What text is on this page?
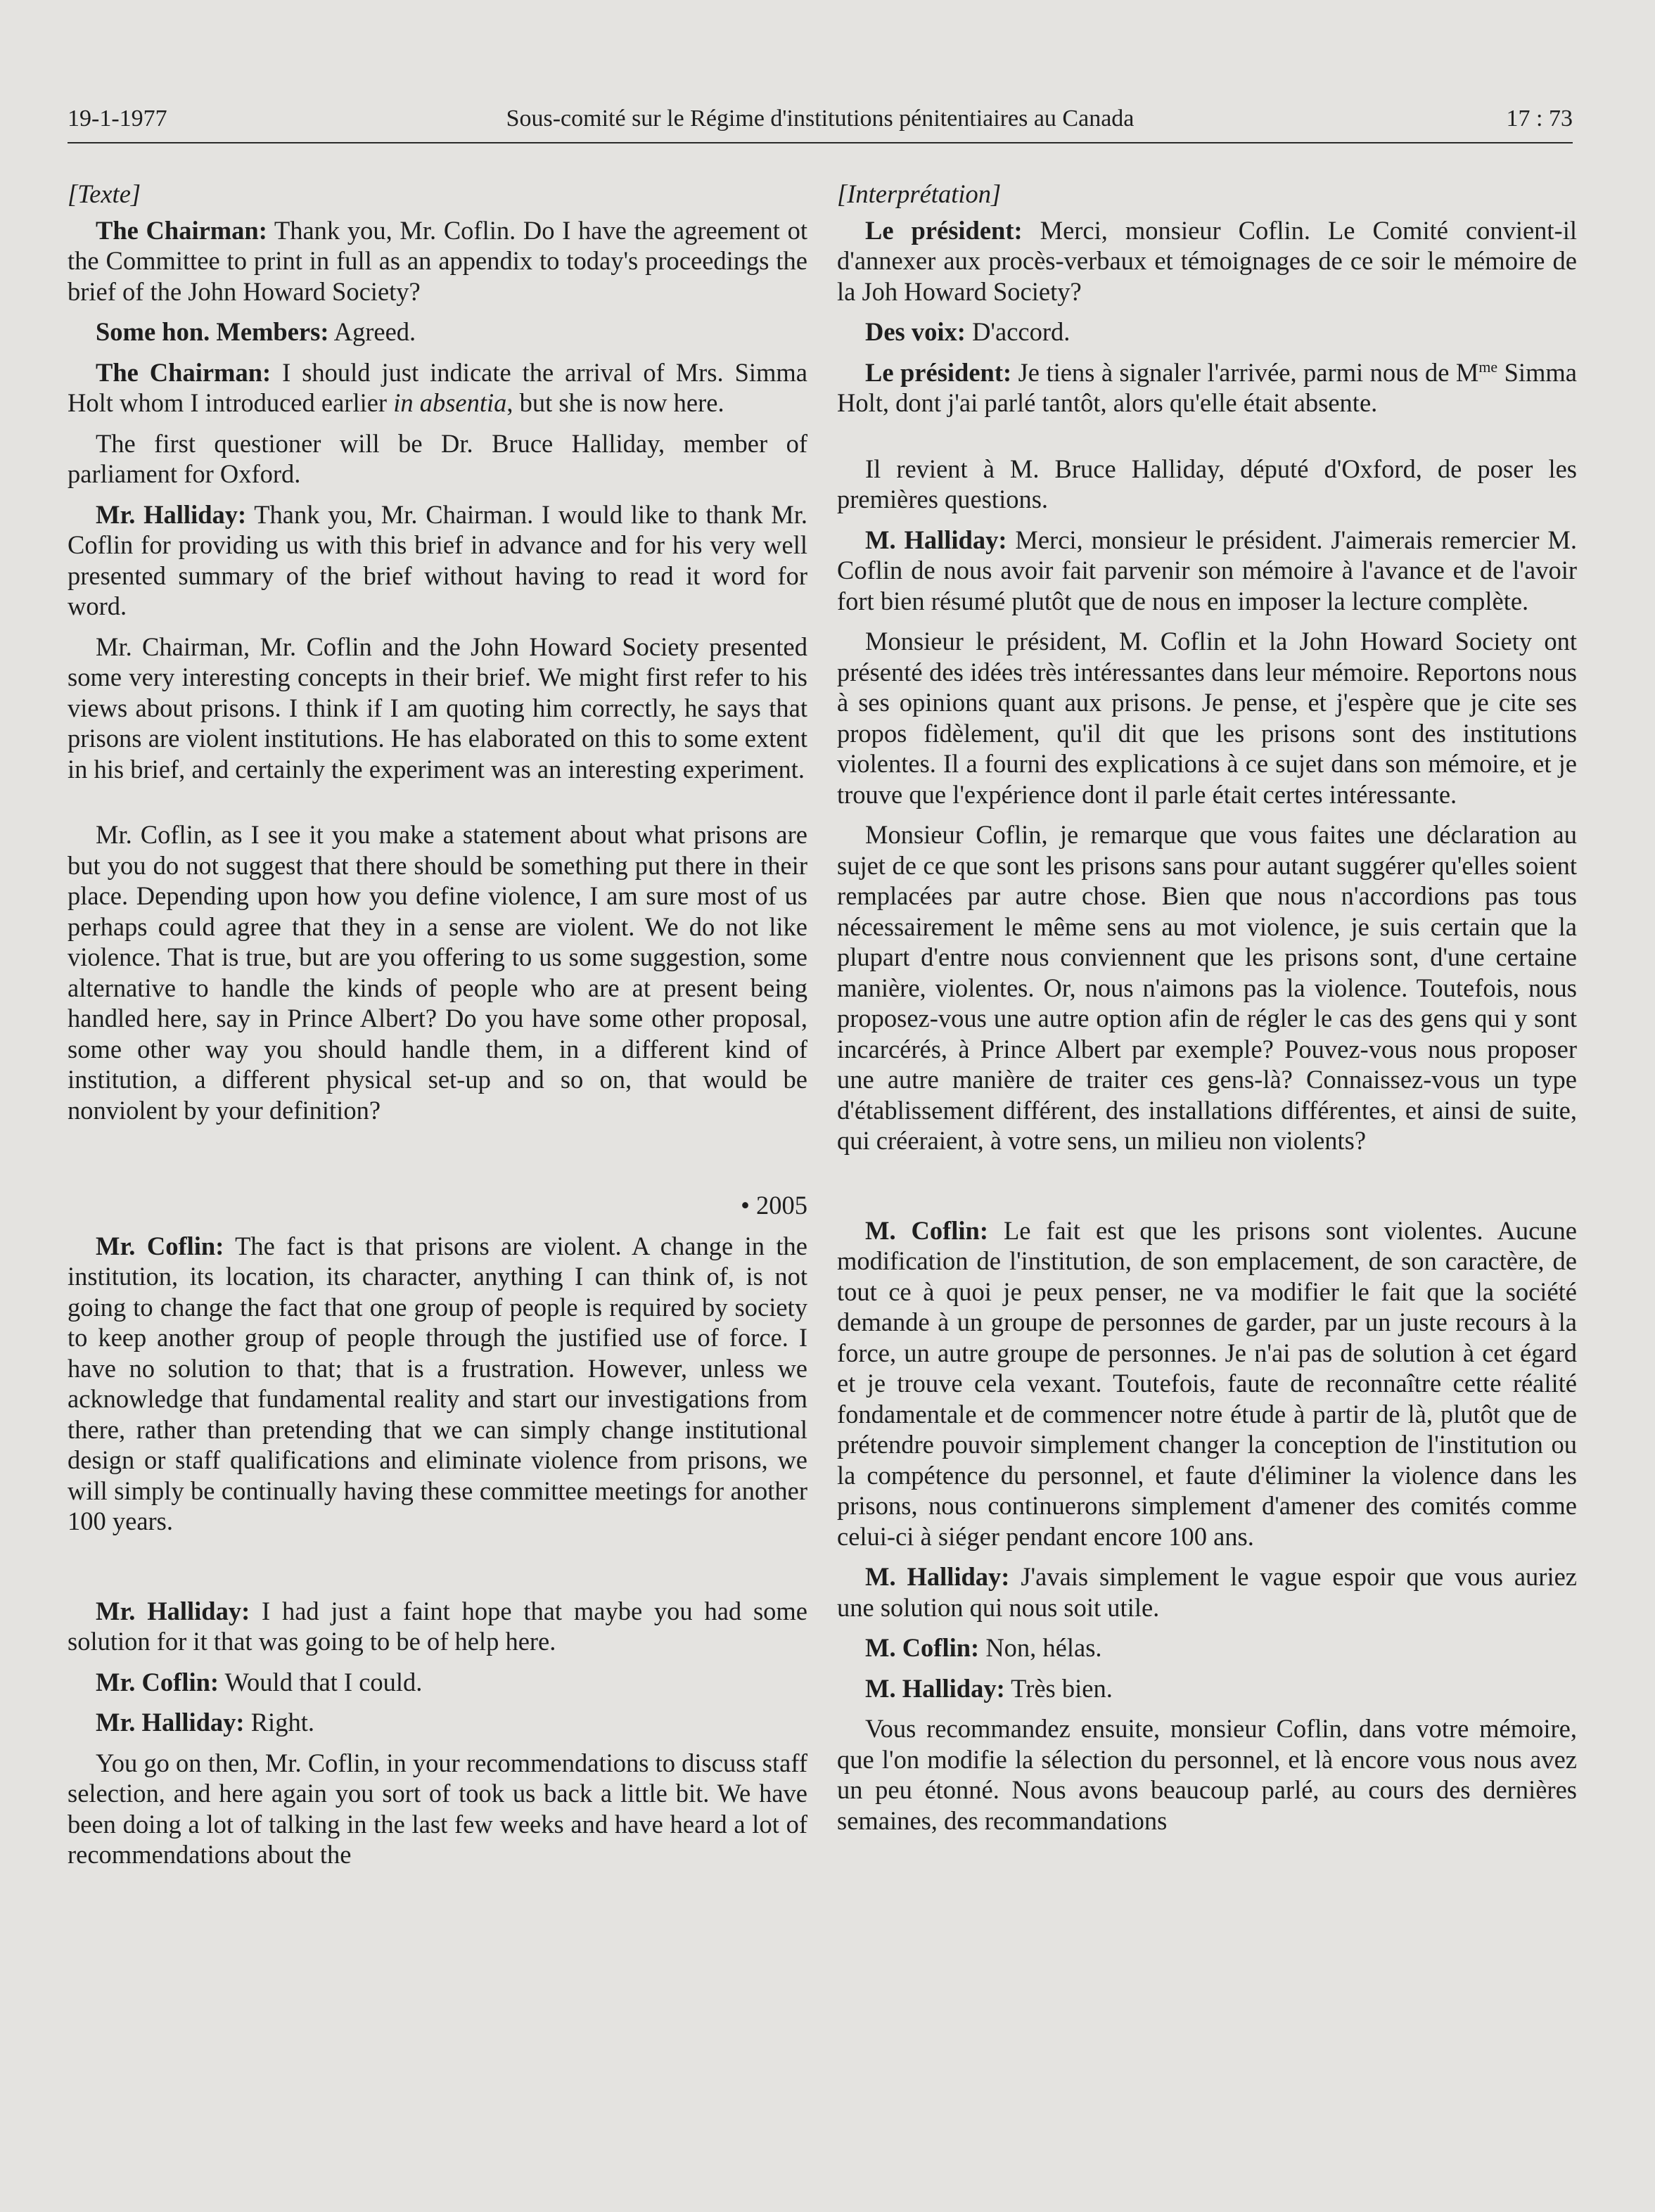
19-1-1977	Sous-comité sur le Régime d'institutions pénitentiaires au Canada	17 : 73

[Texte]

The Chairman: Thank you, Mr. Coflin. Do I have the agreement ot the Committee to print in full as an appendix to today's proceedings the brief of the John Howard Society?

Some hon. Members: Agreed.

The Chairman: I should just indicate the arrival of Mrs. Simma Holt whom I introduced earlier in absentia, but she is now here.

The first questioner will be Dr. Bruce Halliday, member of parliament for Oxford.

Mr. Halliday: Thank you, Mr. Chairman. I would like to thank Mr. Coflin for providing us with this brief in advance and for his very well presented summary of the brief without having to read it word for word.

Mr. Chairman, Mr. Coflin and the John Howard Society presented some very interesting concepts in their brief. We might first refer to his views about prisons. I think if I am quoting him correctly, he says that prisons are violent institutions. He has elaborated on this to some extent in his brief, and certainly the experiment was an interesting experiment.

Mr. Coflin, as I see it you make a statement about what prisons are but you do not suggest that there should be something put there in their place. Depending upon how you define violence, I am sure most of us perhaps could agree that they in a sense are violent. We do not like violence. That is true, but are you offering to us some suggestion, some alternative to handle the kinds of people who are at present being handled here, say in Prince Albert? Do you have some other proposal, some other way you should handle them, in a different kind of institution, a different physical set-up and so on, that would be nonviolent by your definition?

• 2005

Mr. Coflin: The fact is that prisons are violent. A change in the institution, its location, its character, anything I can think of, is not going to change the fact that one group of people is required by society to keep another group of people through the justified use of force. I have no solution to that; that is a frustration. However, unless we acknowledge that fundamental reality and start our investigations from there, rather than pretending that we can simply change institutional design or staff qualifications and eliminate violence from prisons, we will simply be continually having these committee meetings for another 100 years.

Mr. Halliday: I had just a faint hope that maybe you had some solution for it that was going to be of help here.

Mr. Coflin: Would that I could.

Mr. Halliday: Right.

You go on then, Mr. Coflin, in your recommendations to discuss staff selection, and here again you sort of took us back a little bit. We have been doing a lot of talking in the last few weeks and have heard a lot of recommendations about the

[Interprétation]

Le président: Merci, monsieur Coflin. Le Comité convient-il d'annexer aux procès-verbaux et témoignages de ce soir le mémoire de la Joh Howard Society?

Des voix: D'accord.

Le président: Je tiens à signaler l'arrivée, parmi nous de $M^{me}$ Simma Holt, dont j'ai parlé tantôt, alors qu'elle était absente.

Il revient à M. Bruce Halliday, député d'Oxford, de poser les premières questions.

M. Halliday: Merci, monsieur le président. J'aimerais remercier M. Coflin de nous avoir fait parvenir son mémoire à l'avance et de l'avoir fort bien résumé plutôt que de nous en imposer la lecture complète.

Monsieur le président, M. Coflin et la John Howard Society ont présenté des idées très intéressantes dans leur mémoire. Reportons nous à ses opinions quant aux prisons. Je pense, et j'espère que je cite ses propos fidèlement, qu'il dit que les prisons sont des institutions violentes. Il a fourni des explications à ce sujet dans son mémoire, et je trouve que l'expérience dont il parle était certes intéressante.

Monsieur Coflin, je remarque que vous faites une déclaration au sujet de ce que sont les prisons sans pour autant suggérer qu'elles soient remplacées par autre chose. Bien que nous n'accordions pas tous nécessairement le même sens au mot violence, je suis certain que la plupart d'entre nous conviennent que les prisons sont, d'une certaine manière, violentes. Or, nous n'aimons pas la violence. Toutefois, nous proposez-vous une autre option afin de régler le cas des gens qui y sont incarcérés, à Prince Albert par exemple? Pouvez-vous nous proposer une autre manière de traiter ces gens-là? Connaissez-vous un type d'établissement différent, des installations différentes, et ainsi de suite, qui créeraient, à votre sens, un milieu non violents?

M. Coflin: Le fait est que les prisons sont violentes. Aucune modification de l'institution, de son emplacement, de son caractère, de tout ce à quoi je peux penser, ne va modifier le fait que la société demande à un groupe de personnes de garder, par un juste recours à la force, un autre groupe de personnes. Je n'ai pas de solution à cet égard et je trouve cela vexant. Toutefois, faute de reconnaître cette réalité fondamentale et de commencer notre étude à partir de là, plutôt que de prétendre pouvoir simplement changer la conception de l'institution ou la compétence du personnel, et faute d'éliminer la violence dans les prisons, nous continuerons simplement d'amener des comités comme celui-ci à siéger pendant encore 100 ans.

M. Halliday: J'avais simplement le vague espoir que vous auriez une solution qui nous soit utile.

M. Coflin: Non, hélas.

M. Halliday: Très bien.

Vous recommandez ensuite, monsieur Coflin, dans votre mémoire, que l'on modifie la sélection du personnel, et là encore vous nous avez un peu étonné. Nous avons beaucoup parlé, au cours des dernières semaines, des recommandations
